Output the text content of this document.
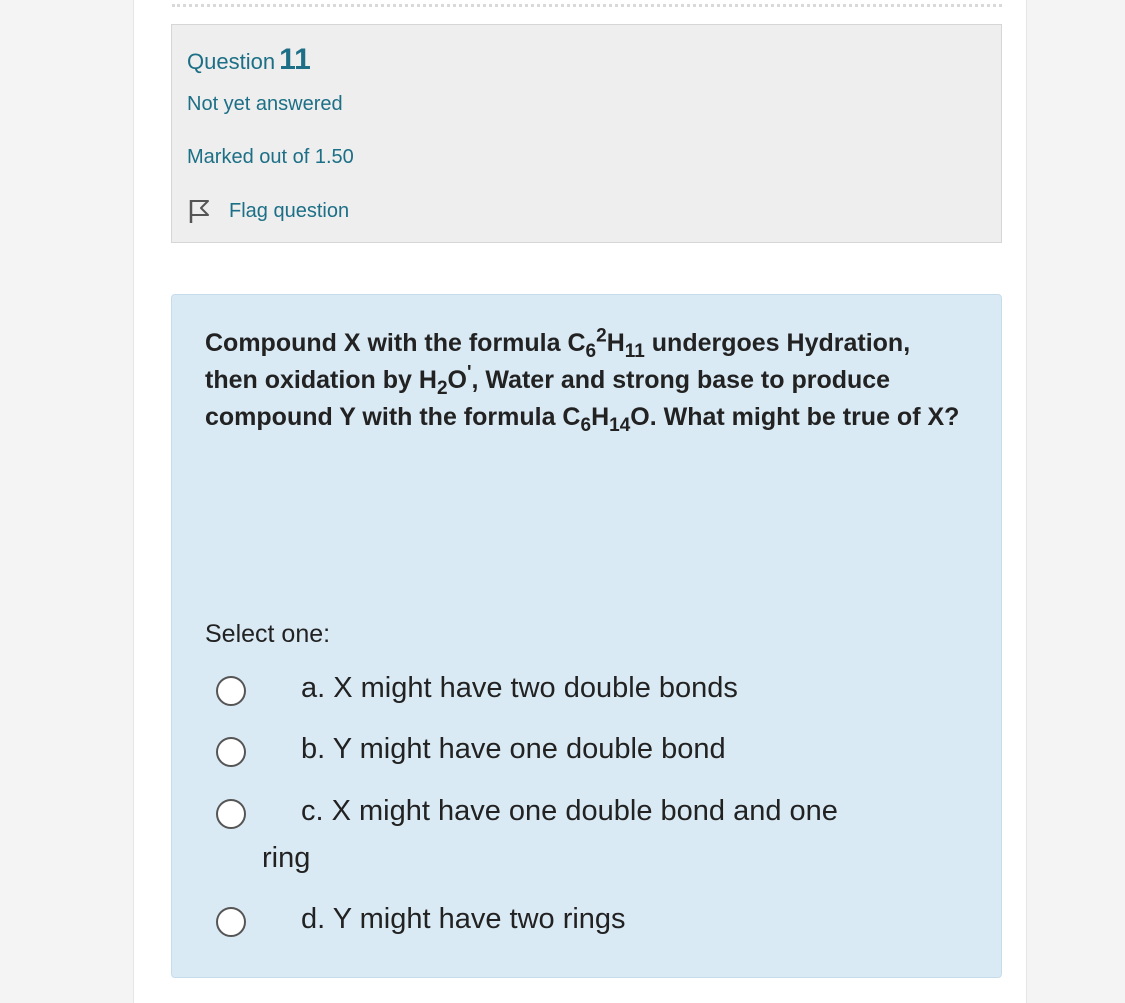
Question 11
Not yet answered
Marked out of 1.50
Flag question
Compound X with the formula $C_6^2H_{11}$ undergoes Hydration, then oxidation by $H_2O'$, Water and strong base to produce compound Y with the formula $C_6H_{14}O$. What might be true of X?
Select one:
a. X might have two double bonds
b. Y might have one double bond
c. X might have one double bond and one
ring
d. Y might have two rings
